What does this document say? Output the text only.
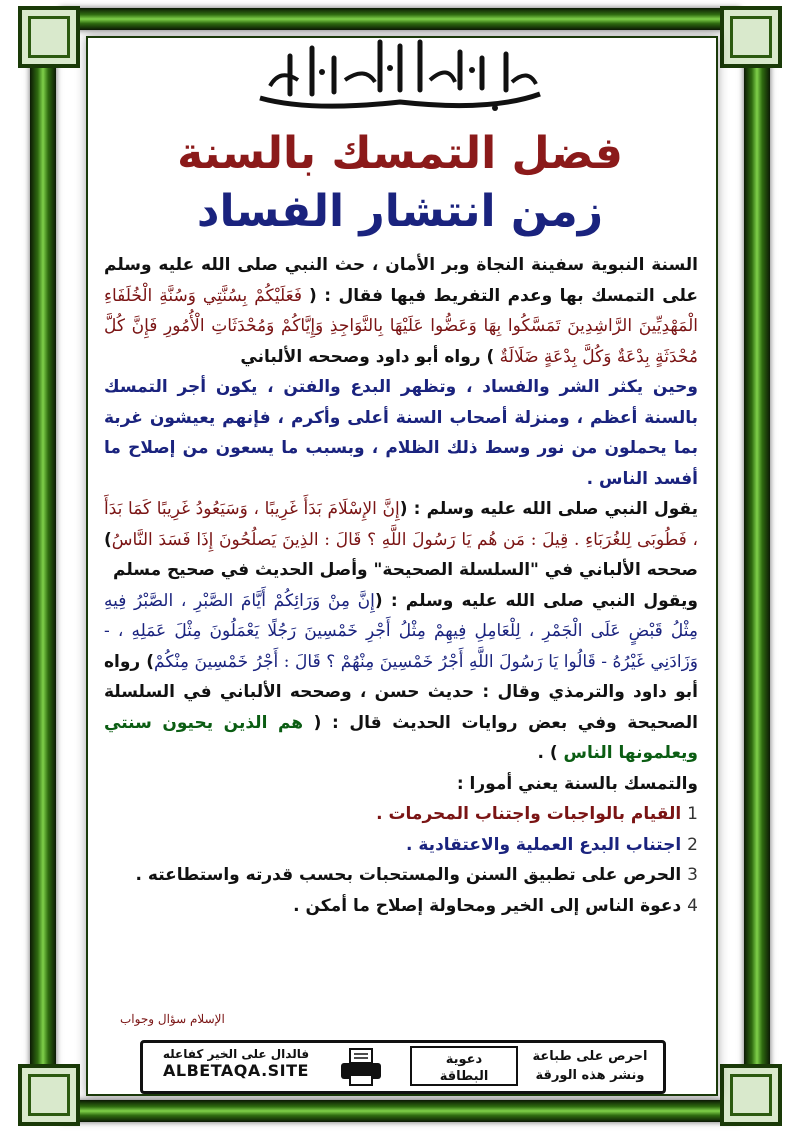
فضل التمسك بالسنة
زمن انتشار الفساد

السنة النبوية سفينة النجاة وبر الأمان ، حث النبي صلى الله عليه وسلم على التمسك بها وعدم التفريط فيها فقال : ( فَعَلَيْكُمْ بِسُنَّتِي وَسُنَّةِ الْخُلَفَاءِ الْمَهْدِيِّينَ الرَّاشِدِينَ تَمَسَّكُوا بِهَا وَعَضُّوا عَلَيْهَا بِالنَّوَاجِذِ وَإِيَّاكُمْ وَمُحْدَثَاتِ الْأُمُورِ فَإِنَّ كُلَّ مُحْدَثَةٍ بِدْعَةٌ وَكُلَّ بِدْعَةٍ ضَلَالَةٌ ) رواه أبو داود وصححه الألباني

وحين يكثر الشر والفساد ، وتظهر البدع والفتن ، يكون أجر التمسك بالسنة أعظم ، ومنزلة أصحاب السنة أعلى وأكرم ، فإنهم يعيشون غربة بما يحملون من نور وسط ذلك الظلام ، وبسبب ما يسعون من إصلاح ما أفسد الناس .

يقول النبي صلى الله عليه وسلم : (إِنَّ الإِسْلَامَ بَدَأَ غَرِيبًا ، وَسَيَعُودُ غَرِيبًا كَمَا بَدَأَ ، فَطُوبَى لِلغُرَبَاءِ . قِيلَ : مَن هُم يَا رَسُولَ اللَّهِ ؟ قَالَ : الذِينَ يَصلُحُونَ إِذَا فَسَدَ النَّاسُ) صححه الألباني في "السلسلة الصحيحة" وأصل الحديث في صحيح مسلم

ويقول النبي صلى الله عليه وسلم : (إِنَّ مِنْ وَرَائِكُمْ أَيَّامَ الصَّبْرِ ، الصَّبْرُ فِيهِ مِثْلُ قَبْضٍ عَلَى الْجَمْرِ ، لِلْعَامِلِ فِيهِمْ مِثْلُ أَجْرِ خَمْسِينَ رَجُلًا يَعْمَلُونَ مِثْلَ عَمَلِهِ ، - وَزَادَنِي غَيْرُهُ - قَالُوا يَا رَسُولَ اللَّهِ أَجْرُ خَمْسِينَ مِنْهُمْ ؟ قَالَ : أَجْرُ خَمْسِينَ مِنْكُمْ) رواه أبو داود والترمذي وقال : حديث حسن ، وصححه الألباني في السلسلة الصحيحة وفي بعض روايات الحديث قال : ( هم الذين يحيون سنتي ويعلمونها الناس ) .

والتمسك بالسنة يعني أمورا :

1القيام بالواجبات واجتناب المحرمات .

2اجتناب البدع العملية والاعتقادية .

3الحرص على تطبيق السنن والمستحبات بحسب قدرته واستطاعته .

4دعوة الناس إلى الخير ومحاولة إصلاح ما أمكن .

الإسلام سؤال وجواب
احرص على طباعة
ونشر هذه الورقة
دعوية
البطاقة
فالدال على الخير كفاعله
ALBETAQA.SITE
